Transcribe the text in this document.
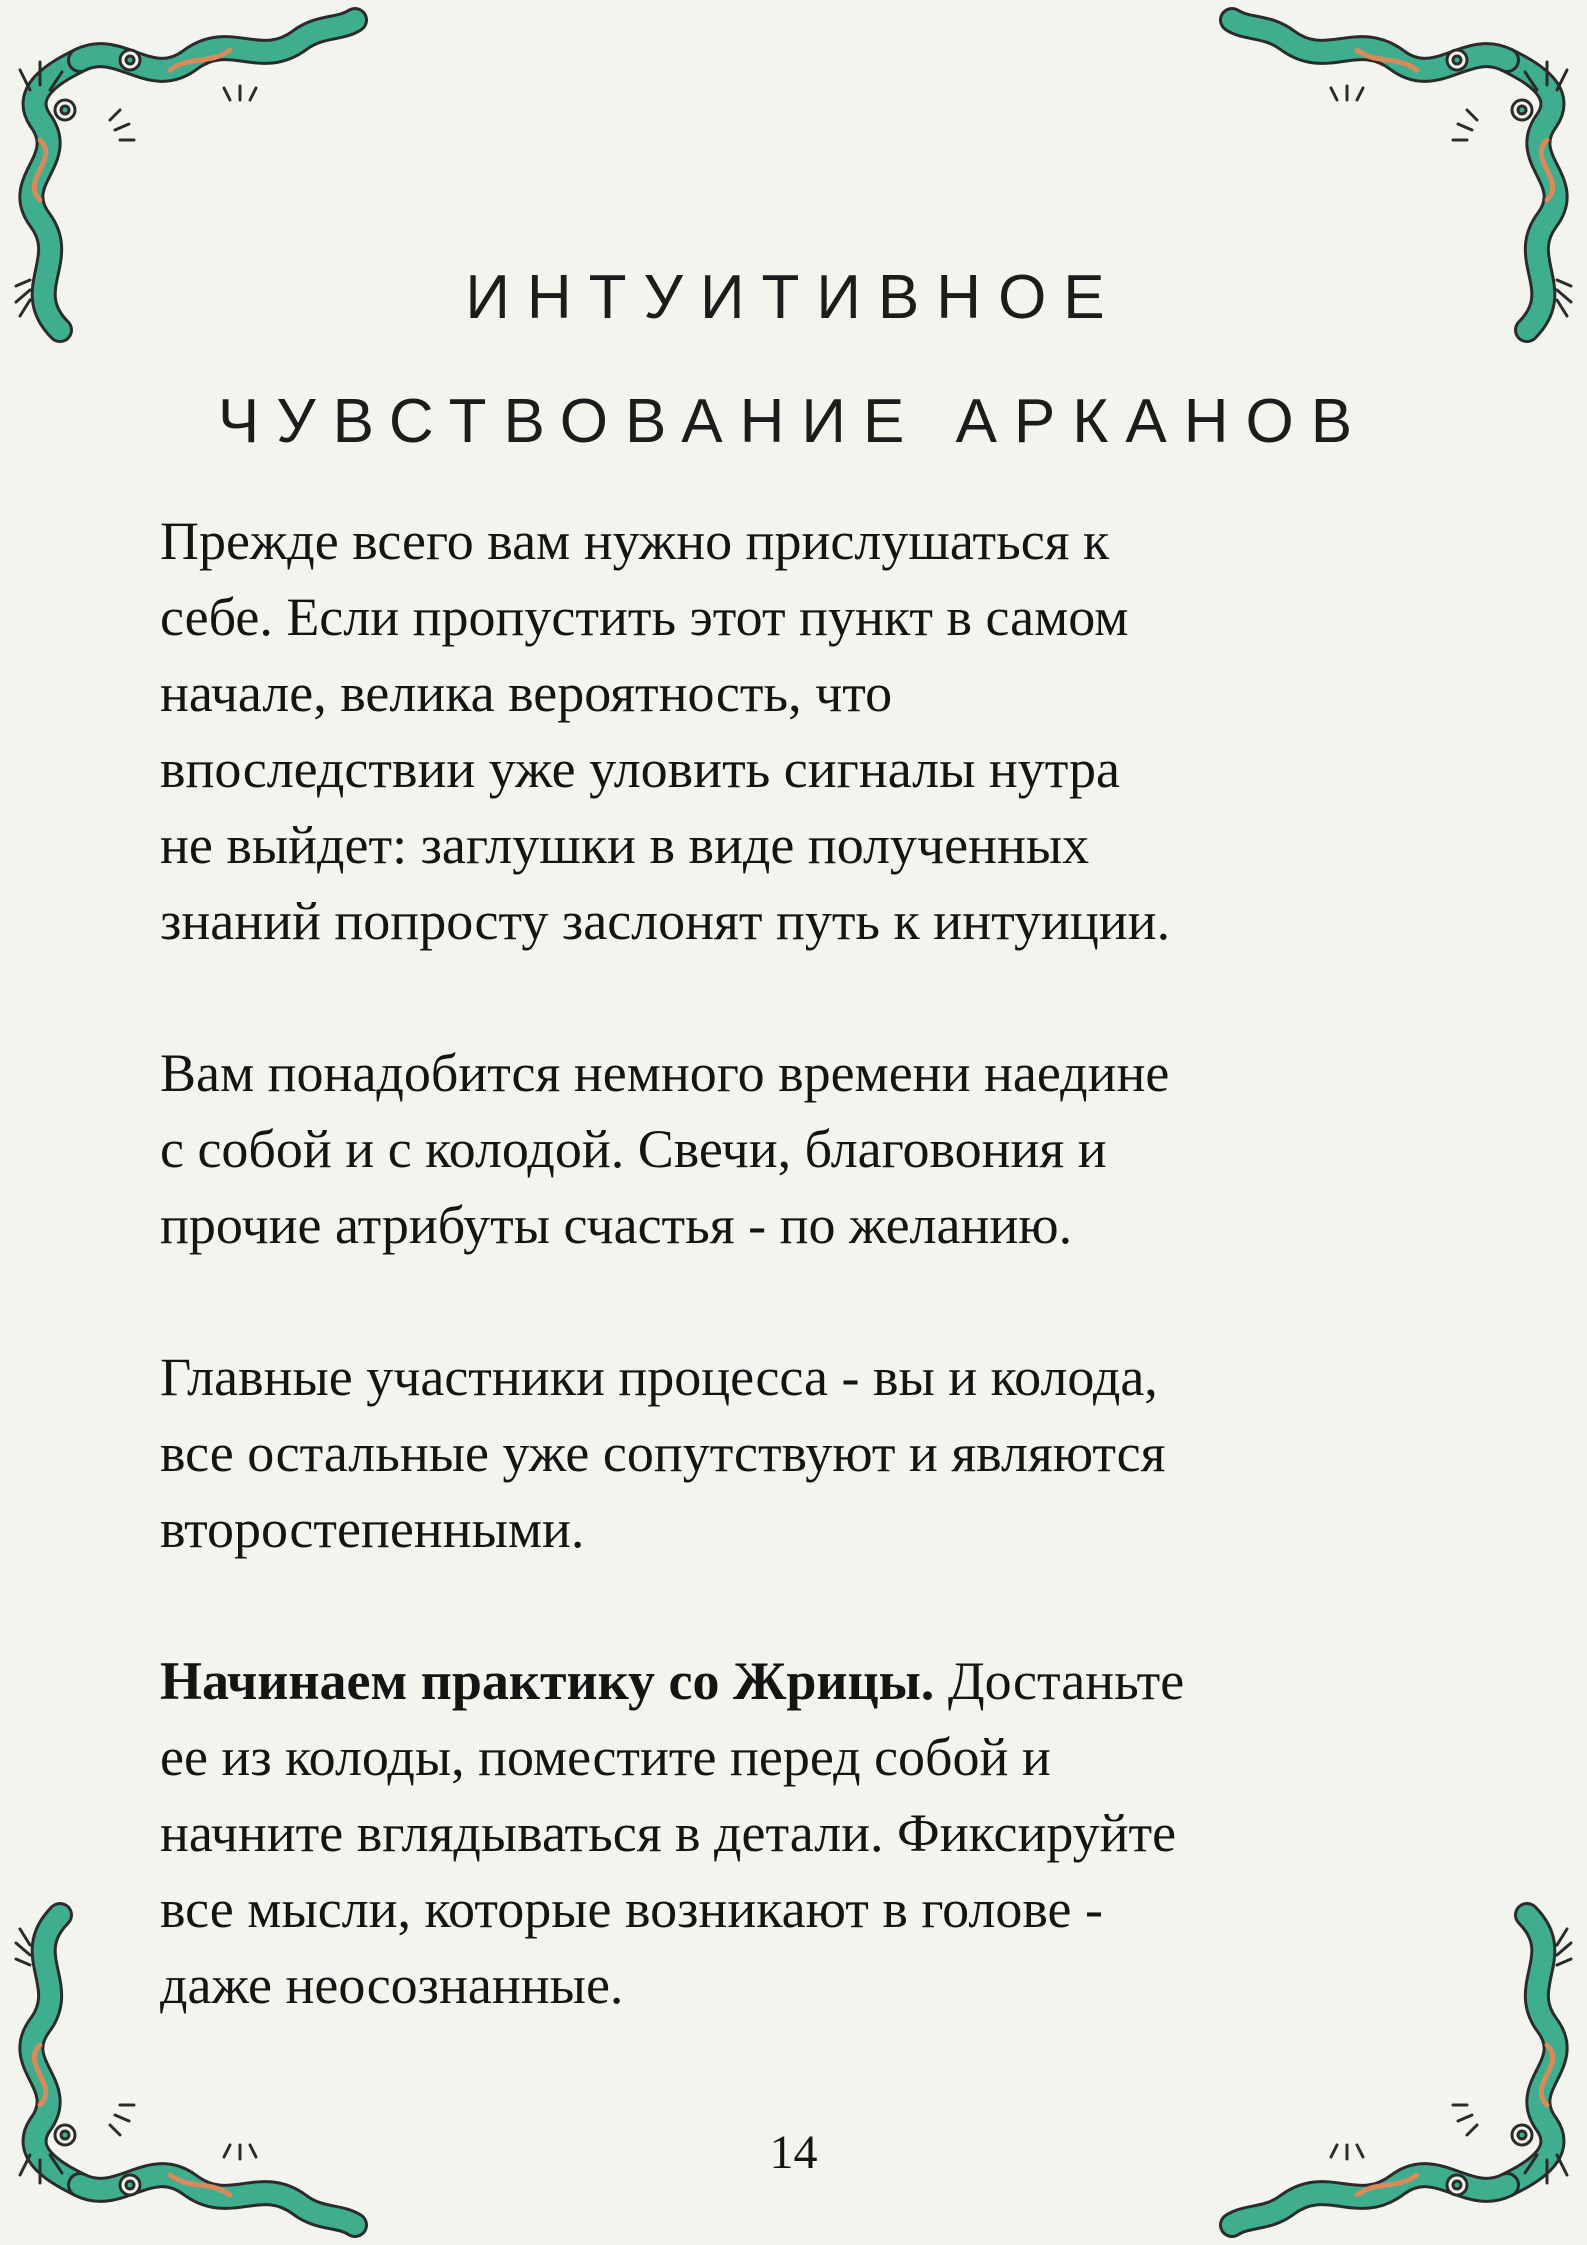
ИНТУИТИВНОЕ
ЧУВСТВОВАНИЕ АРКАНОВ

Прежде всего вам нужно прислушаться к
себе. Если пропустить этот пункт в самом
начале, велика вероятность, что
впоследствии уже уловить сигналы нутра
не выйдет: заглушки в виде полученных
знаний попросту заслонят путь к интуиции.

Вам понадобится немного времени наедине
с собой и с колодой. Свечи, благовония и
прочие атрибуты счастья - по желанию.

Главные участники процесса - вы и колода,
все остальные уже сопутствуют и являются
второстепенными.

Начинаем практику со Жрицы. Достаньте
ее из колоды, поместите перед собой и
начните вглядываться в детали. Фиксируйте
все мысли, которые возникают в голове -
даже неосознанные.

14
